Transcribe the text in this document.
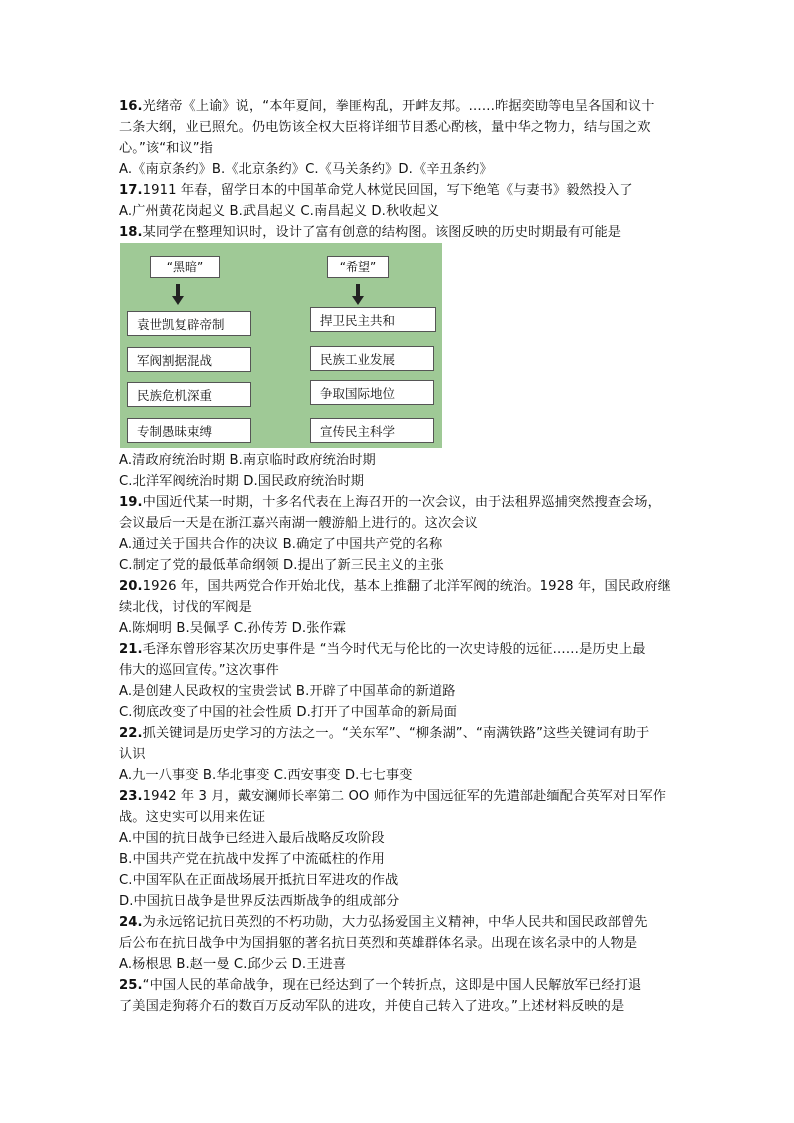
16.光绪帝《上谕》说，“本年夏间，拳匪构乱，开衅友邦。……昨据奕劻等电呈各国和议十
二条大纲，业已照允。仍电饬该全权大臣将详细节目悉心酌核，量中华之物力，结与国之欢
心。”该“和议”指
A.《南京条约》B.《北京条约》C.《马关条约》D.《辛丑条约》
17.1911 年春，留学日本的中国革命党人林觉民回国，写下绝笔《与妻书》毅然投入了
A.广州黄花岗起义 B.武昌起义 C.南昌起义 D.秋收起义
18.某同学在整理知识时，设计了富有创意的结构图。该图反映的历史时期最有可能是
“黑暗”
袁世凯复辟帝制
军阀割据混战
民族危机深重
专制愚昧束缚
“希望”
捍卫民主共和
民族工业发展
争取国际地位
宣传民主科学
A.清政府统治时期 B.南京临时政府统治时期
C.北洋军阀统治时期 D.国民政府统治时期
19.中国近代某一时期，十多名代表在上海召开的一次会议，由于法租界巡捕突然搜查会场，
会议最后一天是在浙江嘉兴南湖一艘游船上进行的。这次会议
A.通过关于国共合作的决议 B.确定了中国共产党的名称
C.制定了党的最低革命纲领 D.提出了新三民主义的主张
20.1926 年，国共两党合作开始北伐，基本上推翻了北洋军阀的统治。1928 年，国民政府继
续北伐，讨伐的军阀是
A.陈炯明 B.吴佩孚 C.孙传芳 D.张作霖
21.毛泽东曾形容某次历史事件是 “当今时代无与伦比的一次史诗般的远征……是历史上最
伟大的巡回宣传。”这次事件
A.是创建人民政权的宝贵尝试 B.开辟了中国革命的新道路
C.彻底改变了中国的社会性质 D.打开了中国革命的新局面
22.抓关键词是历史学习的方法之一。“关东军”、“柳条湖”、“南满铁路”这些关键词有助于
认识
A.九一八事变 B.华北事变 C.西安事变 D.七七事变
23.1942 年 3 月，戴安澜师长率第二 OO 师作为中国远征军的先遣部赴缅配合英军对日军作
战。这史实可以用来佐证
A.中国的抗日战争已经进入最后战略反攻阶段
B.中国共产党在抗战中发挥了中流砥柱的作用
C.中国军队在正面战场展开抵抗日军进攻的作战
D.中国抗日战争是世界反法西斯战争的组成部分
24.为永远铭记抗日英烈的不朽功勋，大力弘扬爱国主义精神，中华人民共和国民政部曾先
后公布在抗日战争中为国捐躯的著名抗日英烈和英雄群体名录。出现在该名录中的人物是
A.杨根思 B.赵一曼 C.邱少云 D.王进喜
25.“中国人民的革命战争，现在已经达到了一个转折点，这即是中国人民解放军已经打退
了美国走狗蒋介石的数百万反动军队的进攻，并使自己转入了进攻。”上述材料反映的是
